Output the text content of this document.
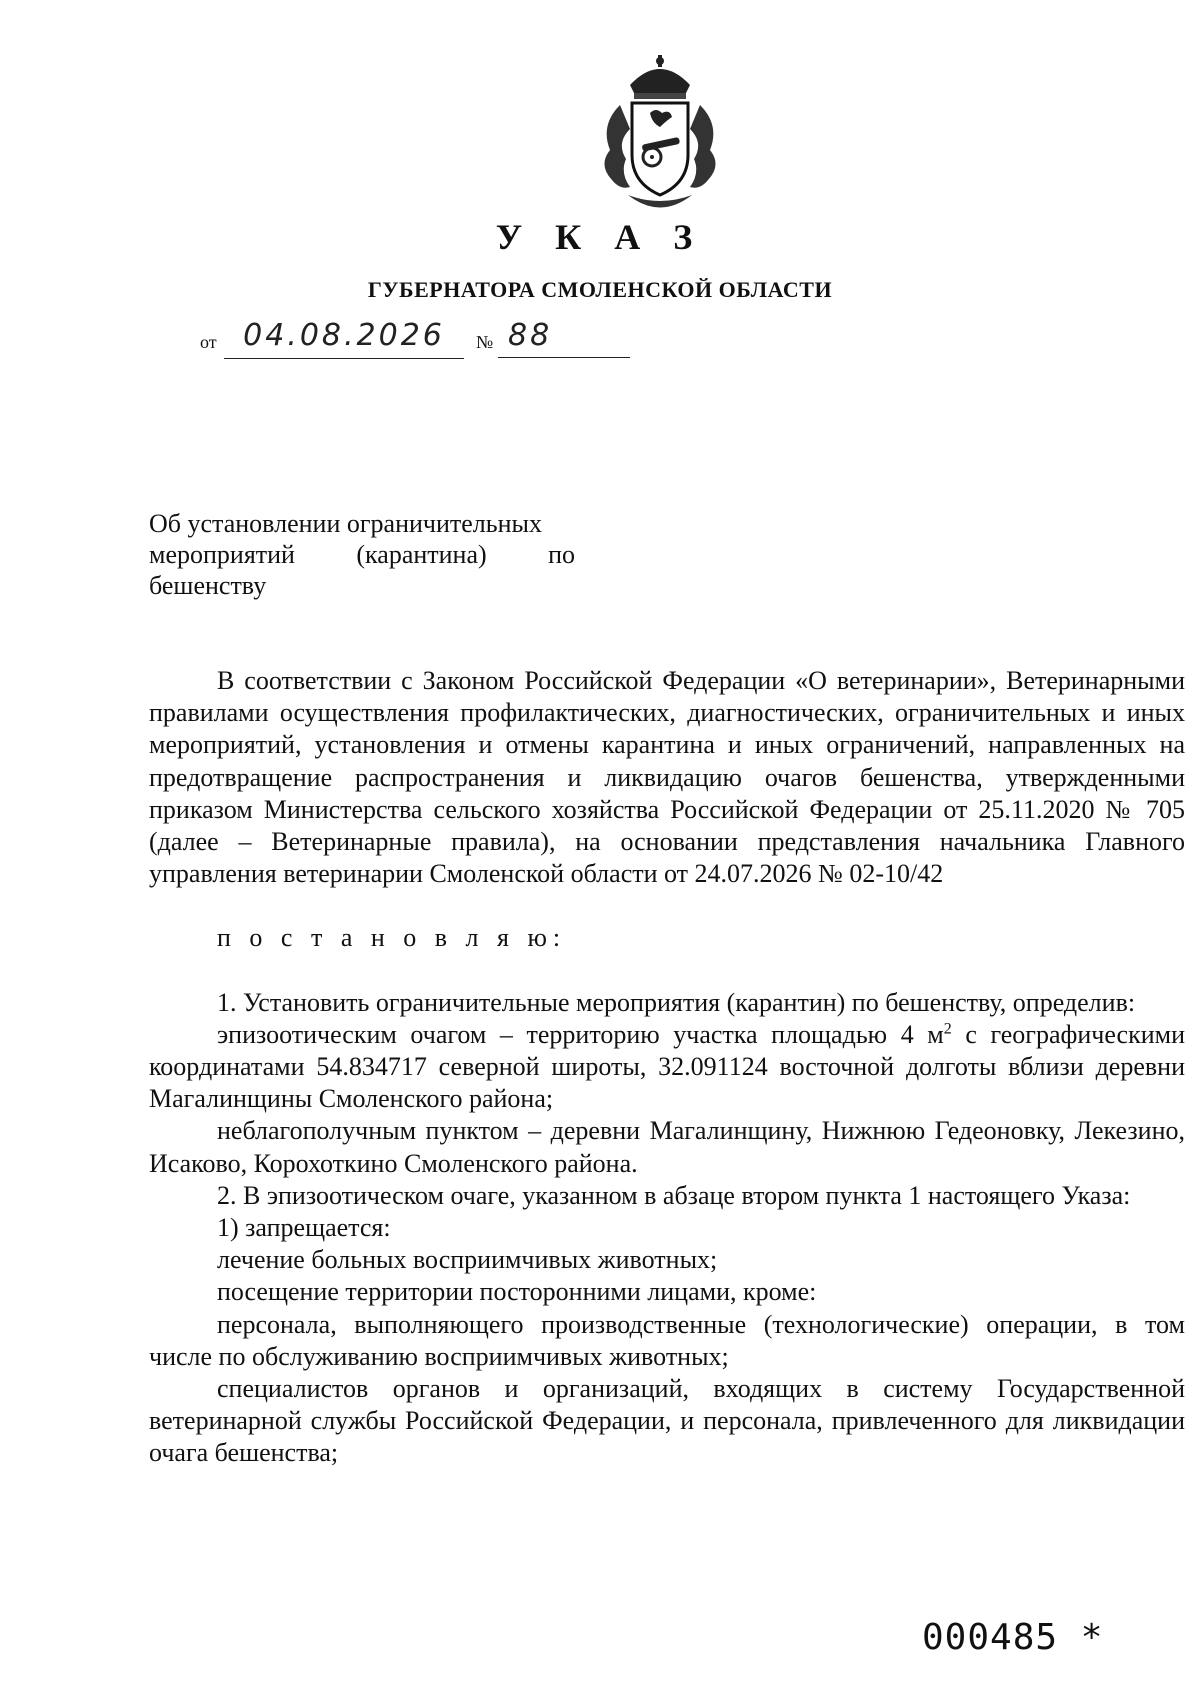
У К А З
ГУБЕРНАТОРА СМОЛЕНСКОЙ ОБЛАСТИ
от 04.08.2026	№ 88
Об установлении ограничительных
мероприятий (карантина) по
бешенству

В соответствии с Законом Российской Федерации «О ветеринарии», Ветеринарными правилами осуществления профилактических, диагностических, ограничительных и иных мероприятий, установления и отмены карантина и иных ограничений, направленных на предотвращение распространения и ликвидацию очагов бешенства, утвержденными приказом Министерства сельского хозяйства Российской Федерации от 25.11.2020 № 705 (далее – Ветеринарные правила), на основании представления начальника Главного управления ветеринарии Смоленской области от 24.07.2026 № 02-10/42

п о с т а н о в л я ю:

1. Установить ограничительные мероприятия (карантин) по бешенству, определив:

эпизоотическим очагом – территорию участка площадью 4 $м^2$ с географическими координатами 54.834717 северной широты, 32.091124 восточной долготы вблизи деревни Магалинщины Смоленского района;

неблагополучным пунктом – деревни Магалинщину, Нижнюю Гедеоновку, Лекезино, Исаково, Корохоткино Смоленского района.

2. В эпизоотическом очаге, указанном в абзаце втором пункта 1 настоящего Указа:

1) запрещается:

лечение больных восприимчивых животных;

посещение территории посторонними лицами, кроме:

персонала, выполняющего производственные (технологические) операции, в том числе по обслуживанию восприимчивых животных;

специалистов органов и организаций, входящих в систему Государственной ветеринарной службы Российской Федерации, и персонала, привлеченного для ликвидации очага бешенства;

000485 *
